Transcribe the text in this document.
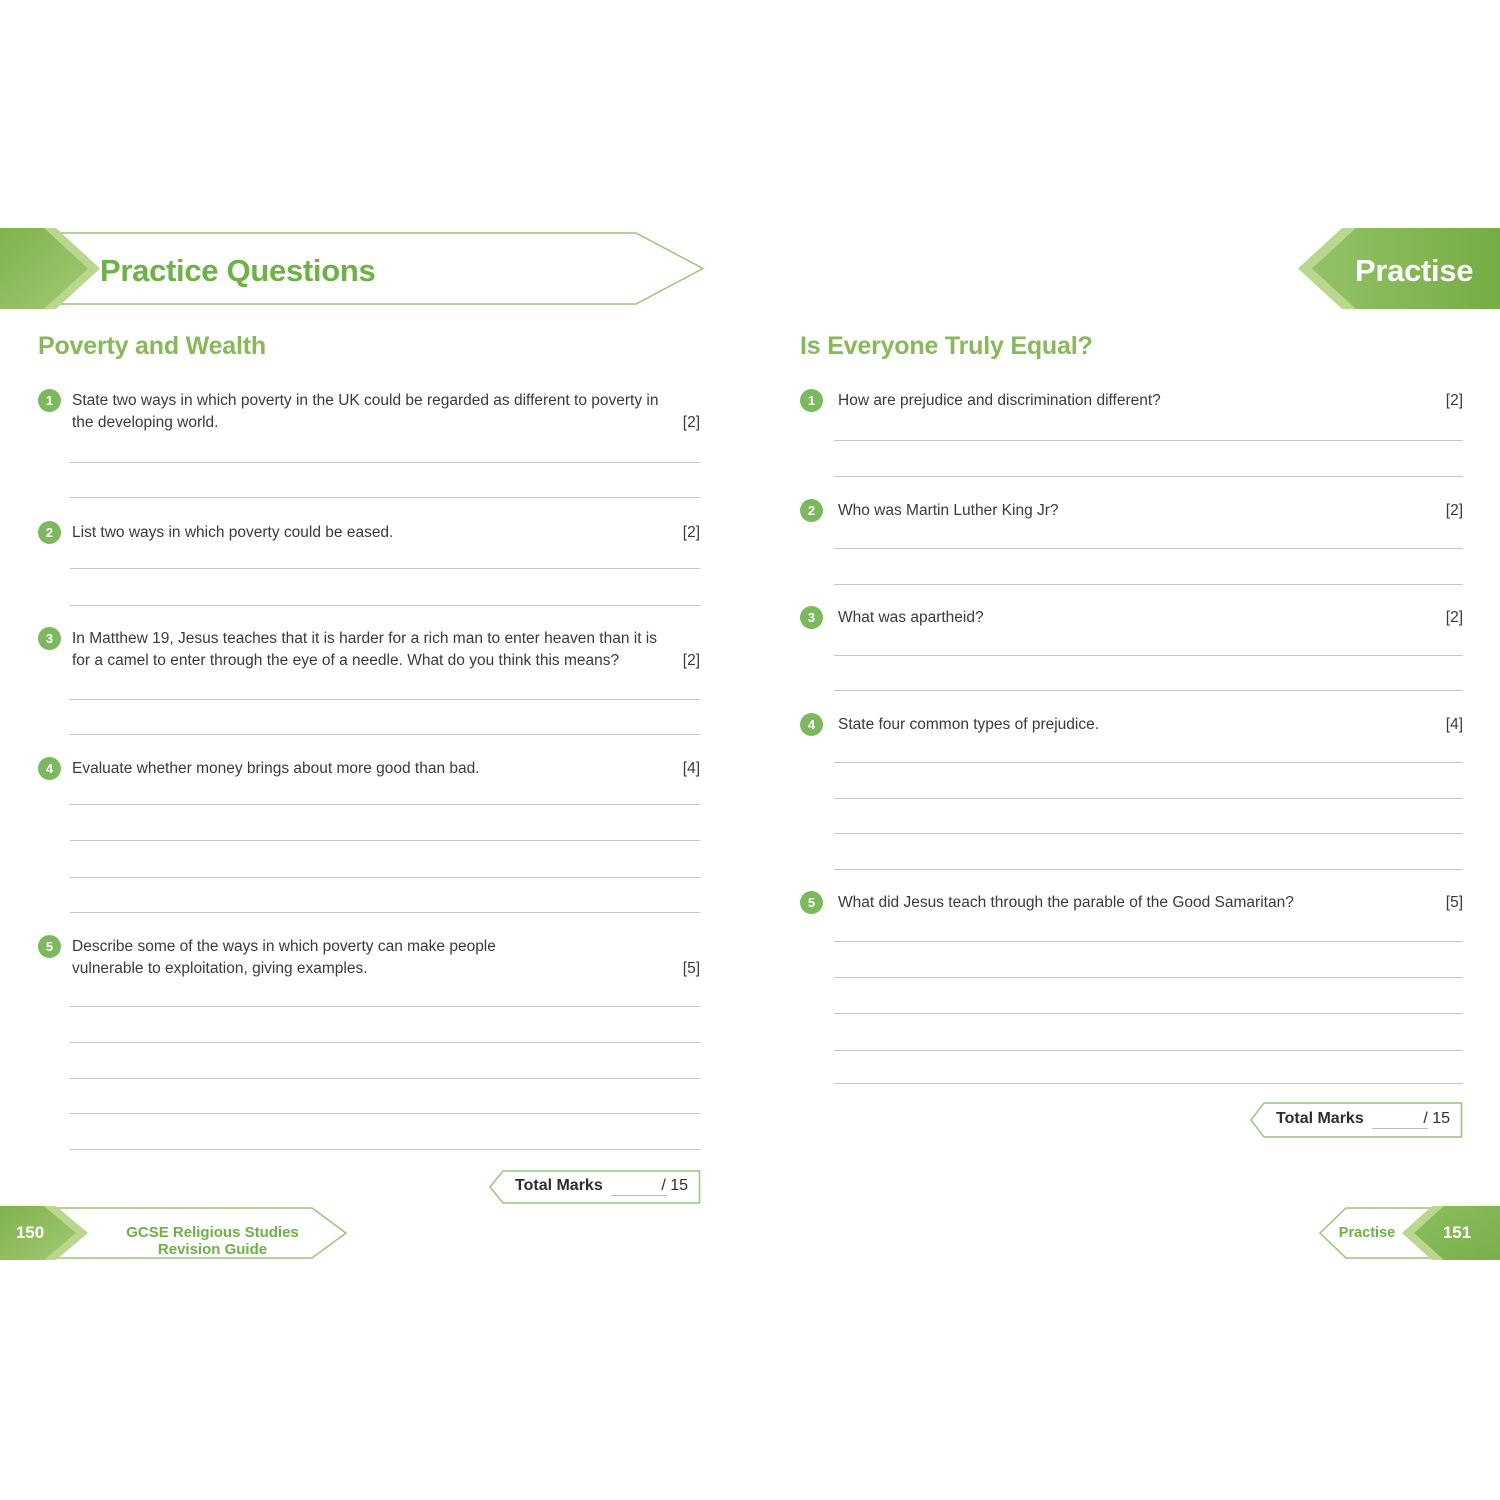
Practice Questions	Practise
Poverty and Wealth	Is Everyone Truly Equal?
1	State two ways in which poverty in the UK could be regarded as different to poverty in the developing world.	[2]
2	List two ways in which poverty could be eased.	[2]
3	In Matthew 19, Jesus teaches that it is harder for a rich man to enter heaven than it is for a camel to enter through the eye of a needle. What do you think this means?	[2]
4	Evaluate whether money brings about more good than bad.	[4]
5	Describe some of the ways in which poverty can make people vulnerable to exploitation, giving examples.	[5]
Total Marks	/ 15
1	How are prejudice and discrimination different?	[2]
2	Who was Martin Luther King Jr?	[2]
3	What was apartheid?	[2]
4	State four common types of prejudice.	[4]
5	What did Jesus teach through the parable of the Good Samaritan?	[5]
Total Marks	/ 15
150	GCSE Religious Studies Revision Guide
Practise	151
